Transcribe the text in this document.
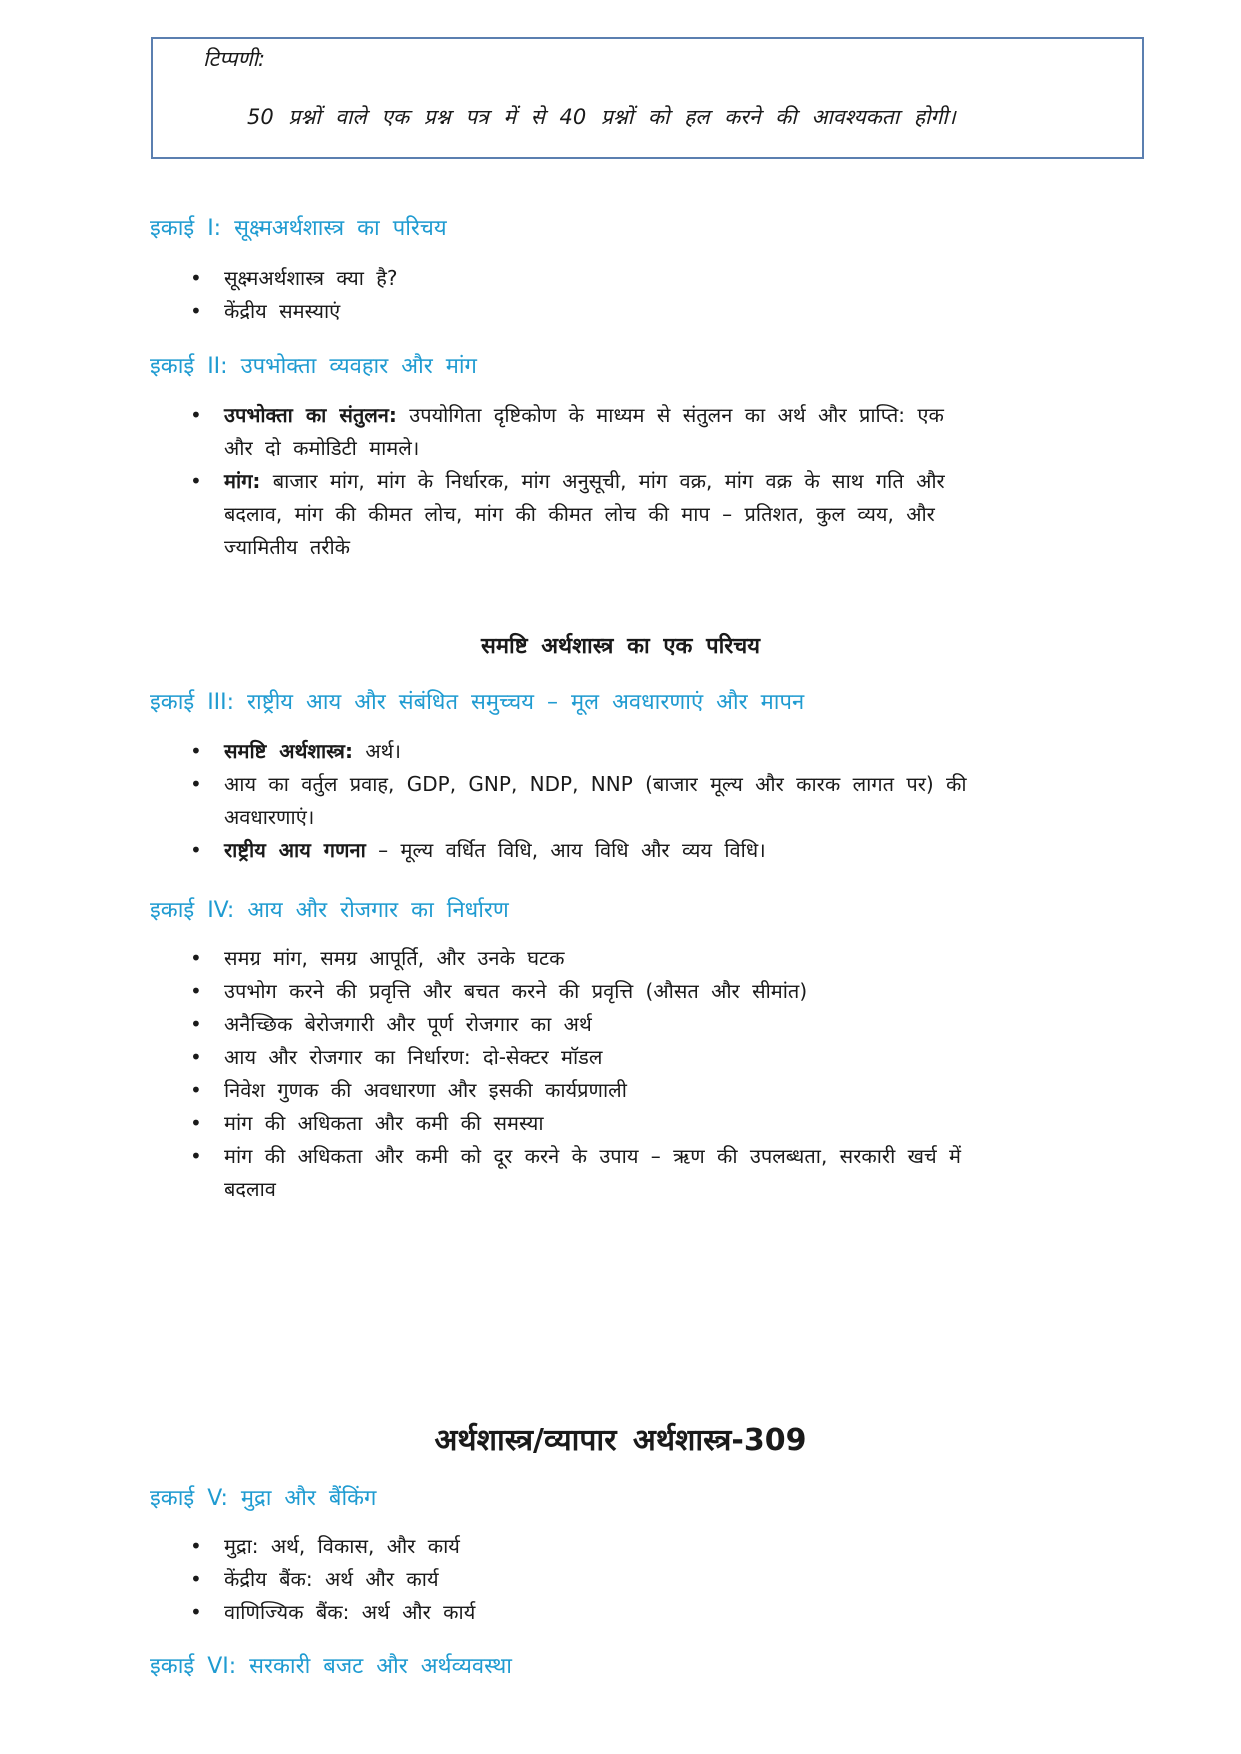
टिप्पणी:
50 प्रश्नों वाले एक प्रश्न पत्र में से 40 प्रश्नों को हल करने की आवश्यकता होगी।
इकाई I: सूक्ष्मअर्थशास्त्र का परिचय
• सूक्ष्मअर्थशास्त्र क्या है?
• केंद्रीय समस्याएं
इकाई II: उपभोक्ता व्यवहार और मांग
• उपभोक्ता का संतुलन: उपयोगिता दृष्टिकोण के माध्यम से संतुलन का अर्थ और प्राप्ति: एक
और दो कमोडिटी मामले।
• मांग: बाजार मांग, मांग के निर्धारक, मांग अनुसूची, मांग वक्र, मांग वक्र के साथ गति और
बदलाव, मांग की कीमत लोच, मांग की कीमत लोच की माप – प्रतिशत, कुल व्यय, और
ज्यामितीय तरीके
समष्टि अर्थशास्त्र का एक परिचय
इकाई III: राष्ट्रीय आय और संबंधित समुच्चय – मूल अवधारणाएं और मापन
• समष्टि अर्थशास्त्र: अर्थ।
• आय का वर्तुल प्रवाह, GDP, GNP, NDP, NNP (बाजार मूल्य और कारक लागत पर) की
अवधारणाएं।
• राष्ट्रीय आय गणना – मूल्य वर्धित विधि, आय विधि और व्यय विधि।
इकाई IV: आय और रोजगार का निर्धारण
• समग्र मांग, समग्र आपूर्ति, और उनके घटक
• उपभोग करने की प्रवृत्ति और बचत करने की प्रवृत्ति (औसत और सीमांत)
• अनैच्छिक बेरोजगारी और पूर्ण रोजगार का अर्थ
• आय और रोजगार का निर्धारण: दो-सेक्टर मॉडल
• निवेश गुणक की अवधारणा और इसकी कार्यप्रणाली
• मांग की अधिकता और कमी की समस्या
• मांग की अधिकता और कमी को दूर करने के उपाय – ऋण की उपलब्धता, सरकारी खर्च में
बदलाव
अर्थशास्त्र/व्यापार अर्थशास्त्र-309
इकाई V: मुद्रा और बैंकिंग
• मुद्रा: अर्थ, विकास, और कार्य
• केंद्रीय बैंक: अर्थ और कार्य
• वाणिज्यिक बैंक: अर्थ और कार्य
इकाई VI: सरकारी बजट और अर्थव्यवस्था
